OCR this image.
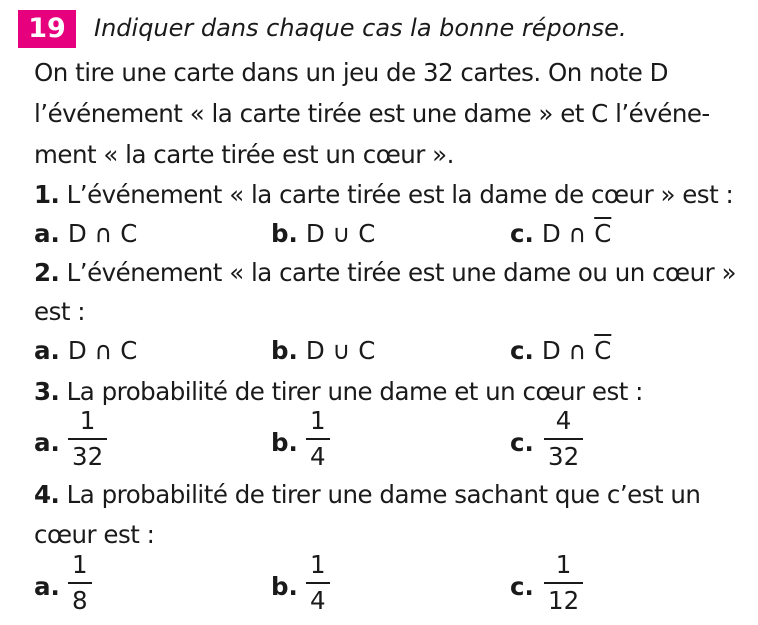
19	Indiquer dans chaque cas la bonne réponse.
On tire une carte dans un jeu de 32 cartes. On note D
l’événement « la carte tirée est une dame » et C l’événe-
ment « la carte tirée est un cœur ».
1. L’événement « la carte tirée est la dame de cœur » est :
a. D ∩ C	b. D ∪ C	c. D ∩ $\overline{C}$
2. L’événement « la carte tirée est une dame ou un cœur »
est :
a. D ∩ C	b. D ∪ C	c. D ∩ $\overline{C}$
3. La probabilité de tirer une dame et un cœur est :
a.
1
32	b.
1
4	c.
4
32
4. La probabilité de tirer une dame sachant que c’est un
cœur est :
a.
1
8	b.
1
4	c.
1
12
